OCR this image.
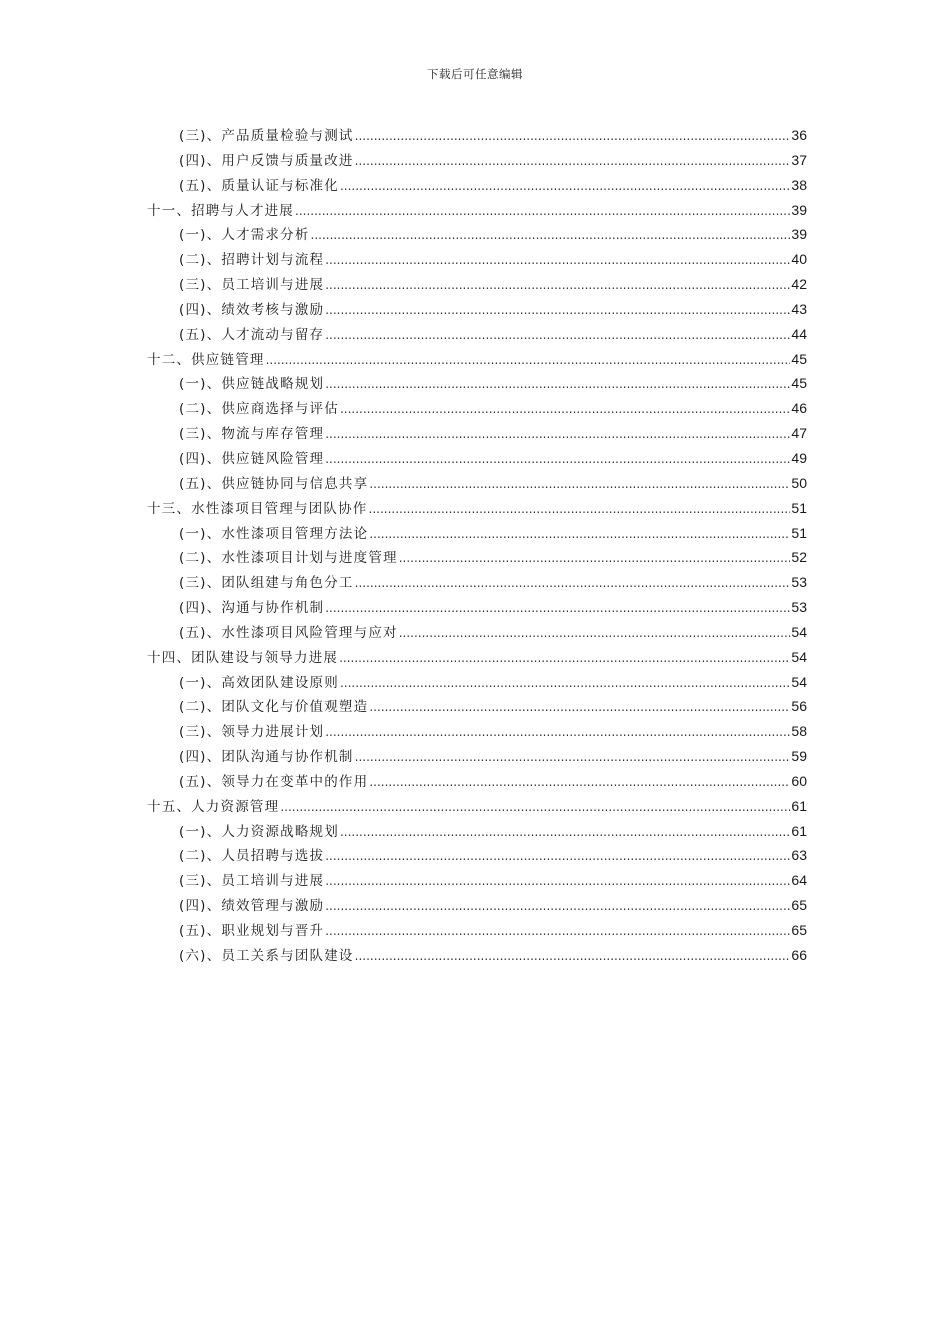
下载后可任意编辑
(三)、产品质量检验与测试 .....	36
(四)、用户反馈与质量改进 .....	37
(五)、质量认证与标准化 .....	38
十一、招聘与人才进展 .....	39
(一)、人才需求分析 .....	39
(二)、招聘计划与流程 .....	40
(三)、员工培训与进展 .....	42
(四)、绩效考核与激励 .....	43
(五)、人才流动与留存 .....	44
十二、供应链管理 .....	45
(一)、供应链战略规划 .....	45
(二)、供应商选择与评估 .....	46
(三)、物流与库存管理 .....	47
(四)、供应链风险管理 .....	49
(五)、供应链协同与信息共享 .....	50
十三、水性漆项目管理与团队协作 .....	51
(一)、水性漆项目管理方法论 .....	51
(二)、水性漆项目计划与进度管理 .....	52
(三)、团队组建与角色分工 .....	53
(四)、沟通与协作机制 .....	53
(五)、水性漆项目风险管理与应对 .....	54
十四、团队建设与领导力进展 .....	54
(一)、高效团队建设原则 .....	54
(二)、团队文化与价值观塑造 .....	56
(三)、领导力进展计划 .....	58
(四)、团队沟通与协作机制 .....	59
(五)、领导力在变革中的作用 .....	60
十五、人力资源管理 .....	61
(一)、人力资源战略规划 .....	61
(二)、人员招聘与选拔 .....	63
(三)、员工培训与进展 .....	64
(四)、绩效管理与激励 .....	65
(五)、职业规划与晋升 .....	65
(六)、员工关系与团队建设 .....	66
